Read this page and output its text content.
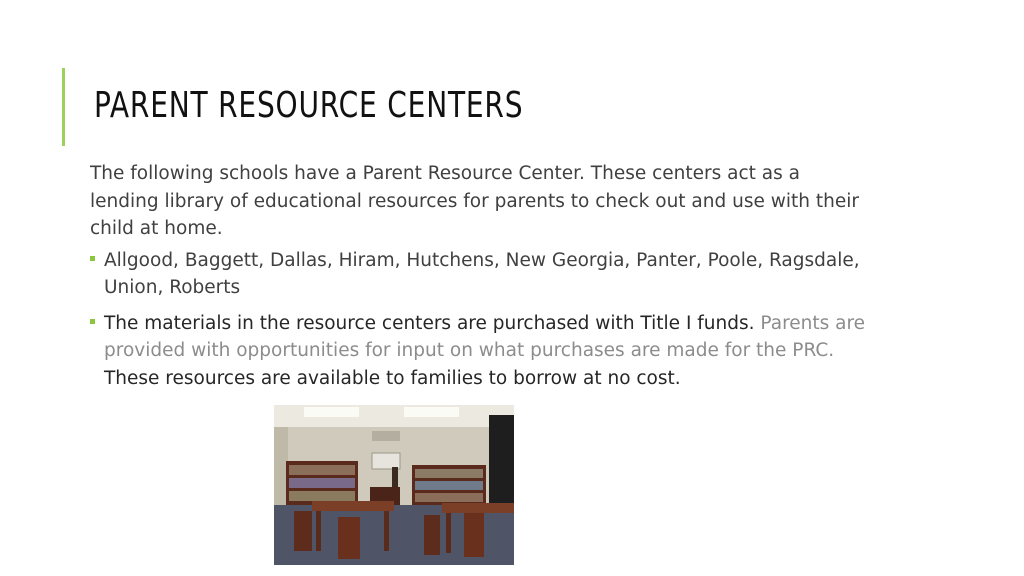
PARENT RESOURCE CENTERS

The following schools have a Parent Resource Center. These centers act as a lending library of educational resources for parents to check out and use with their child at home.

Allgood, Baggett, Dallas, Hiram, Hutchens, New Georgia, Panter, Poole, Ragsdale, Union, Roberts
The materials in the resource centers are purchased with Title I funds. Parents are provided with opportunities for input on what purchases are made for the PRC. These resources are available to families to borrow at no cost.
